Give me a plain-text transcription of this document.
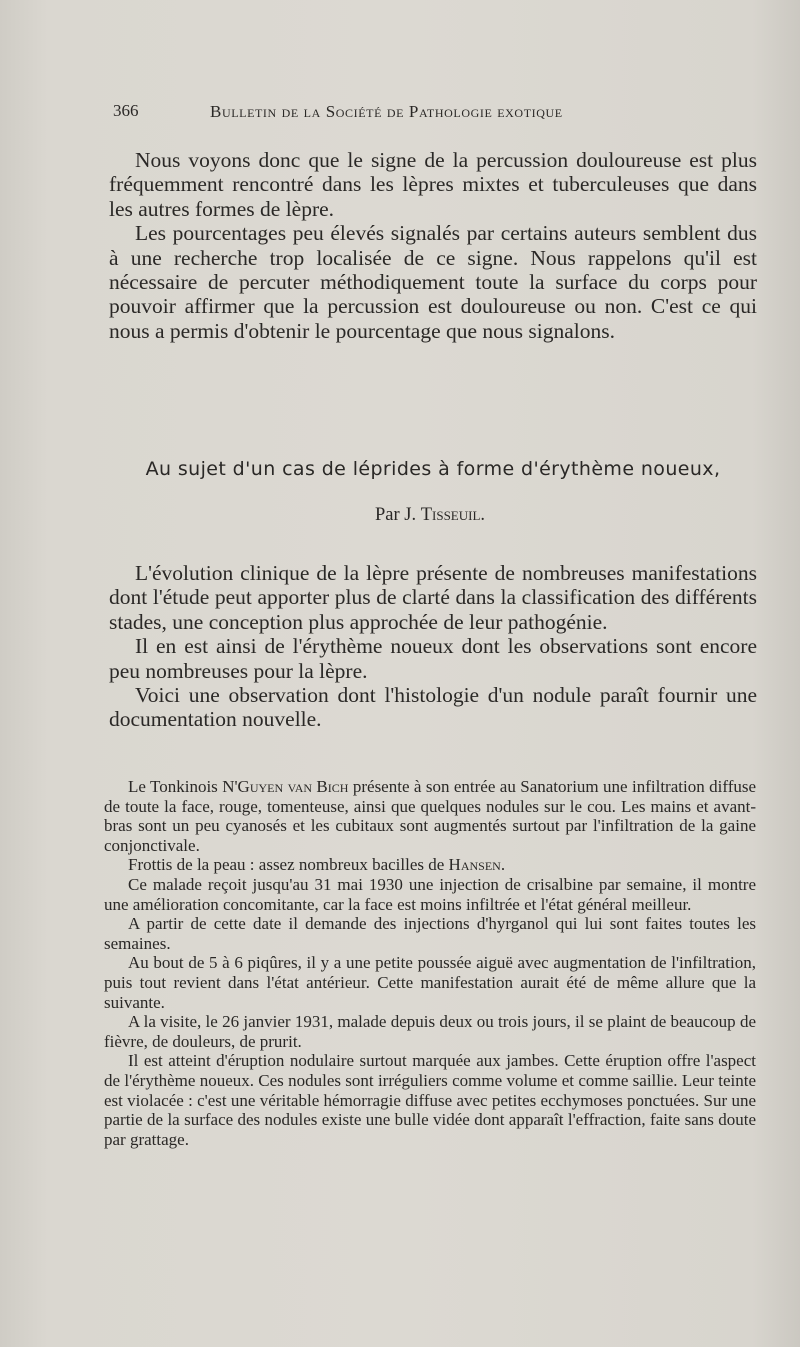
366	Bulletin de la Société de Pathologie exotique

Nous voyons donc que le signe de la percussion douloureuse est plus fréquemment rencontré dans les lèpres mixtes et tuberculeuses que dans les autres formes de lèpre.

Les pourcentages peu élevés signalés par certains auteurs semblent dus à une recherche trop localisée de ce signe. Nous rappelons qu'il est nécessaire de percuter méthodiquement toute la surface du corps pour pouvoir affirmer que la percussion est douloureuse ou non. C'est ce qui nous a permis d'obtenir le pourcentage que nous signalons.

Au sujet d'un cas de léprides à forme d'érythème noueux,
Par J. Tisseuil.

L'évolution clinique de la lèpre présente de nombreuses manifestations dont l'étude peut apporter plus de clarté dans la classification des différents stades, une conception plus approchée de leur pathogénie.

Il en est ainsi de l'érythème noueux dont les observations sont encore peu nombreuses pour la lèpre.

Voici une observation dont l'histologie d'un nodule paraît fournir une documentation nouvelle.

Le Tonkinois N'Guyen van Bich présente à son entrée au Sanatorium une infiltration diffuse de toute la face, rouge, tomenteuse, ainsi que quelques nodules sur le cou. Les mains et avant-bras sont un peu cyanosés et les cubitaux sont augmentés surtout par l'infiltration de la gaine conjonctivale.

Frottis de la peau : assez nombreux bacilles de Hansen.

Ce malade reçoit jusqu'au 31 mai 1930 une injection de crisalbine par semaine, il montre une amélioration concomitante, car la face est moins infiltrée et l'état général meilleur.

A partir de cette date il demande des injections d'hyrganol qui lui sont faites toutes les semaines.

Au bout de 5 à 6 piqûres, il y a une petite poussée aiguë avec augmentation de l'infiltration, puis tout revient dans l'état antérieur. Cette manifestation aurait été de même allure que la suivante.

A la visite, le 26 janvier 1931, malade depuis deux ou trois jours, il se plaint de beaucoup de fièvre, de douleurs, de prurit.

Il est atteint d'éruption nodulaire surtout marquée aux jambes. Cette éruption offre l'aspect de l'érythème noueux. Ces nodules sont irréguliers comme volume et comme saillie. Leur teinte est violacée : c'est une véritable hémorragie diffuse avec petites ecchymoses ponctuées. Sur une partie de la surface des nodules existe une bulle vidée dont apparaît l'effraction, faite sans doute par grattage.
